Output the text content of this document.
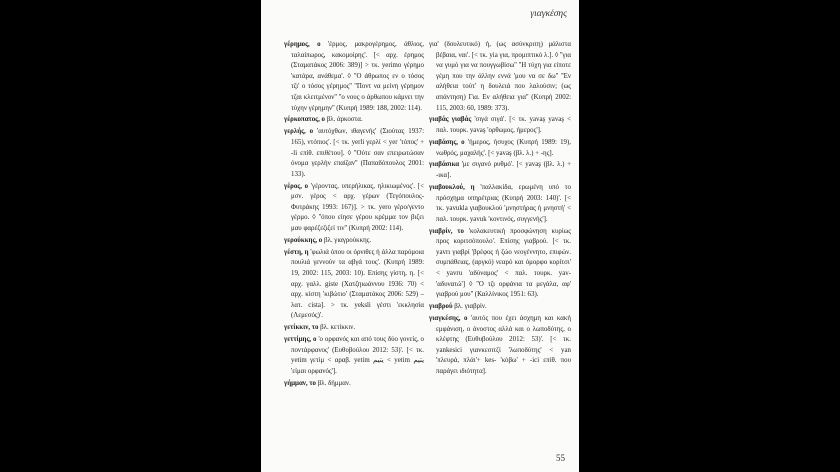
γιαγκέσης
γέρημος, ο 'έρμος, μακρογέρημος, άθλιος, ταλαίπωρος, κακομοίρης'. [< αρχ. έρημος (Σταματάκος 2006: 389)] > τκ. yerimo γέρημο 'κατάρα, ανάθεμα'. ◊ ''Ο άθρωπος εν ο τόσος τζι' ο τόσος γέρημος'' ''Ποντ να μείνη γέρημον τζαι κλειτμένον'' ''ο νους ο άρθωπου κάμνει την τύχην γέρημην'' (Κυπρή 1989: 188, 2002: 114).
γέρκοπατος, ο βλ. άρκοστα.
γερλής, ο 'αυτόχθων, ιθαγενής' (Σιούτας 1937: 165), ντόπιος'. [< τκ. yerli γερλί < yer 'τόπος' + -li επίθ. επιθέτου]. ◊ ''Ούτε σαν επειρωτώσαν όνομα γερλήν επαίζαν'' (Παπαδόπουλος 2001: 133).
γέρος, ο 'γέροντας, υπερήλικας, ηλικιωμένος'. [< μσν. γέρος < αρχ. γέρων (Τεγόπουλος-Φυτράκης 1993: 167)]. > τκ. yero γέρο/γεντο γέρμο. ◊ ''όπου είησε γέρου κρέμμα τον βιζει μαυ φαρέζεζιζεί τιν'' (Κυπρή 2002: 114).
γερούκκης, ο βλ. γιαγρούκκης.
γέστη, η 'φωλιά όπου οι όρνιθες ή άλλα παρόμοια πουλιά γεννούν τα αβγά τους'. (Κυπρή 1989: 19, 2002: 115, 2003: 10). Επίσης γίστη, η. [< αρχ. γαλλ. giste (Χατζηιωάννου 1936: 70) < αρχ. κίστη 'κιβώτιο' (Σταματάκος 2006: 529) – λατ. cista]. > τκ. yeksli γέστι 'εκκλησία (Λεμεσός)'.
γετίκκιν, το βλ. κετίκκιν.
γεττίμης, ο 'ο ορφανός και από τους δύο γονείς, ο ποντάρφανος' (Ευθυβούλου 2012: 53)'. [< τκ. yetim γετίμ < αραβ. yetim يتيم < yetim يتيم 'είμαι ορφανός'].
γήμμαν, το βλ. δήμμαν.
για' (δουλευτικό) ή, (ως ασύνκριτη) μάλιστα βέβαια, ναι'. [< τκ. yia για, προμιπτικό λ.]. ◊ ''για να γυμό για να πουγγωβίσω'' ''Η τύχη για είποτε γέμη που την άλλην εννά 'μου να σε δω'' ''Εν αλήθεια τούτ' η δουλειά που λαλούσιν; (ως απάντηση) Για. Εν αλήθεια για'' (Κυπρή 2002: 115, 2003: 60, 1989: 373).
γιαβάς γιαβάς 'σιγά σιγά'. [< τκ. yavaş yavaş < παλ. τουρκ. yavaş 'ορθωμος, ήμερος'].
γιαβάσης, ο 'ήμερος, ήσυχος (Κυπρή 1989: 19), νωθρός, μαχαλής'. [< yavaş (βλ. λ.) + -ης].
γιαβάσικα 'με σιγανό ρυθμό'. [< yavaş (βλ. λ.) + -ικα].
γιαβουκλού, η 'παλλακίδα, ερωμένη υπό το πρόσχημα υπηρέτριας (Κυπρή 2003: 140)'. [< τκ. yavukla γιαβουκλού 'μνηστήρας ή μνηστή' < παλ. τουρκ. yavuk 'κοντινός, συγγενής'].
γιαβρίν, το 'κολακευτική προσφώνηση κυρίως προς κοριτσόπουλο'. Επίσης γιαβρού. [< τκ. yavrı γιαβρί 'βρέφος ή ζώο νεογέννητο, επιφών. συμπάθειας, (αργκό) νεαρό και όμορφο κορίτσι' < yavru 'αδύναμος' < παλ. τουρκ. yav- 'αδυνατώ'] ◊ ''Ο τζι ορφάνια τα μεγάλα, αφ' γιαβρού μου'' (Καλλίνικος 1951: 63).
γιαβρού βλ. γιαβρίν.
γιαγκέσης, ο 'αυτός που έχει άσχημη και κακή εμφάνιση, ο άνοστος αλλά και ο λωποδύτης, ο κλέφτης (Ευθυβούλου 2012: 53)'. [< τκ. yankesici γιανκεσιτζί 'λωποδύτης' < yan 'πλευρά, πλάι'+ kes- 'κόβω' + -ici επίθ. που παράγει ιδιότητα].
55
